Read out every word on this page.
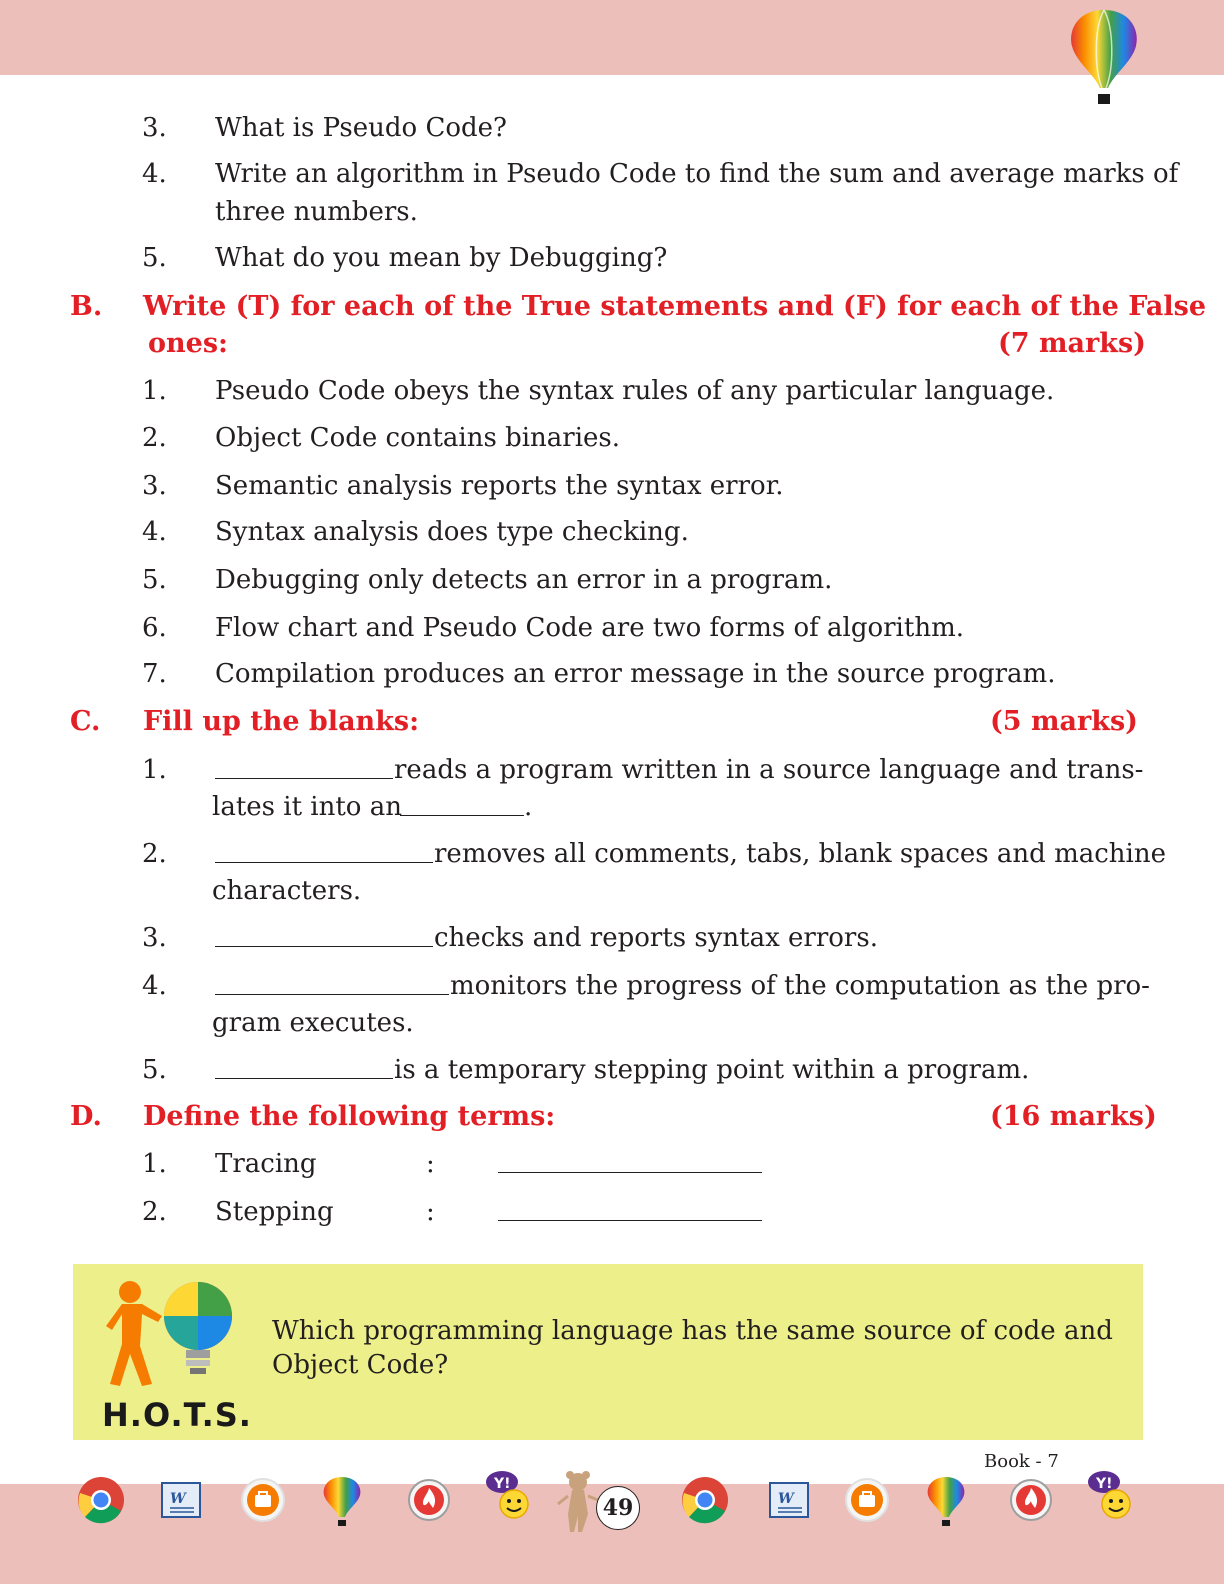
3. What is Pseudo Code?
4. Write an algorithm in Pseudo Code to find the sum and average marks of
three numbers.
5. What do you mean by Debugging?
B. Write (T) for each of the True statements and (F) for each of the False
ones:	(7 marks)
1. Pseudo Code obeys the syntax rules of any particular language.
2. Object Code contains binaries.
3. Semantic analysis reports the syntax error.
4. Syntax analysis does type checking.
5. Debugging only detects an error in a program.
6. Flow chart and Pseudo Code are two forms of algorithm.
7. Compilation produces an error message in the source program.
C. Fill up the blanks:	(5 marks)
1.	reads a program written in a source language and trans-
lates it into an	.
2.	removes all comments, tabs, blank spaces and machine
characters.
3.	checks and reports syntax errors.
4.	monitors the progress of the computation as the pro-
gram executes.
5.	is a temporary stepping point within a program.
D. Define the following terms:	(16 marks)
1. Tracing	:
2. Stepping	:
H.O.T.S.
Which programming language has the same source of code and
Object Code?
Book - 7
W
Y!
49	W
Y!
